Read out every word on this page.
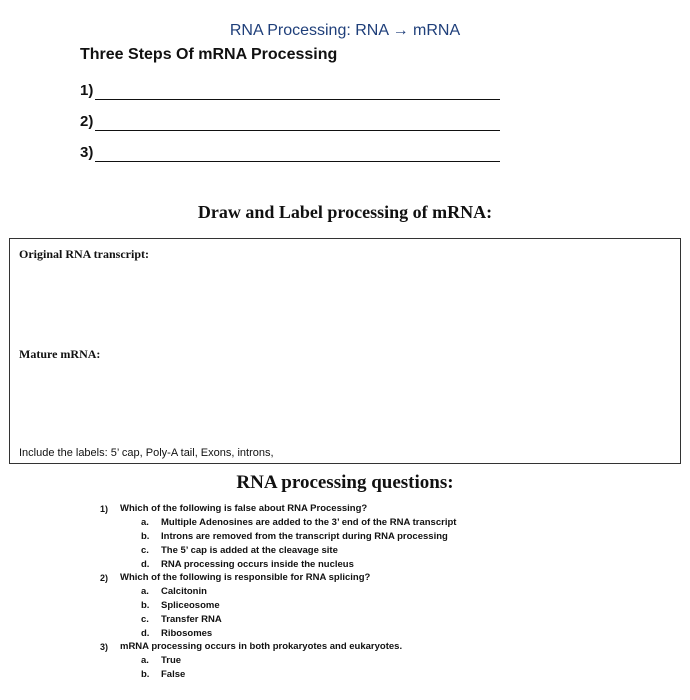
RNA Processing: RNA → mRNA
Three Steps Of mRNA Processing
1)
2)
3)
Draw and Label processing of mRNA:
Original RNA transcript:
Mature mRNA:
Include the labels: 5’ cap, Poly-A tail, Exons, introns,
RNA processing questions:
1)	Which of the following is false about RNA Processing?
a.	Multiple Adenosines are added to the 3’ end of the RNA transcript
b.	Introns are removed from the transcript during RNA processing
c.	The 5’ cap is added at the cleavage site
d.	RNA processing occurs inside the nucleus
2)	Which of the following is responsible for RNA splicing?
a.	Calcitonin
b.	Spliceosome
c.	Transfer RNA
d.	Ribosomes
3)	mRNA processing occurs in both prokaryotes and eukaryotes.
a.	True
b.	False
